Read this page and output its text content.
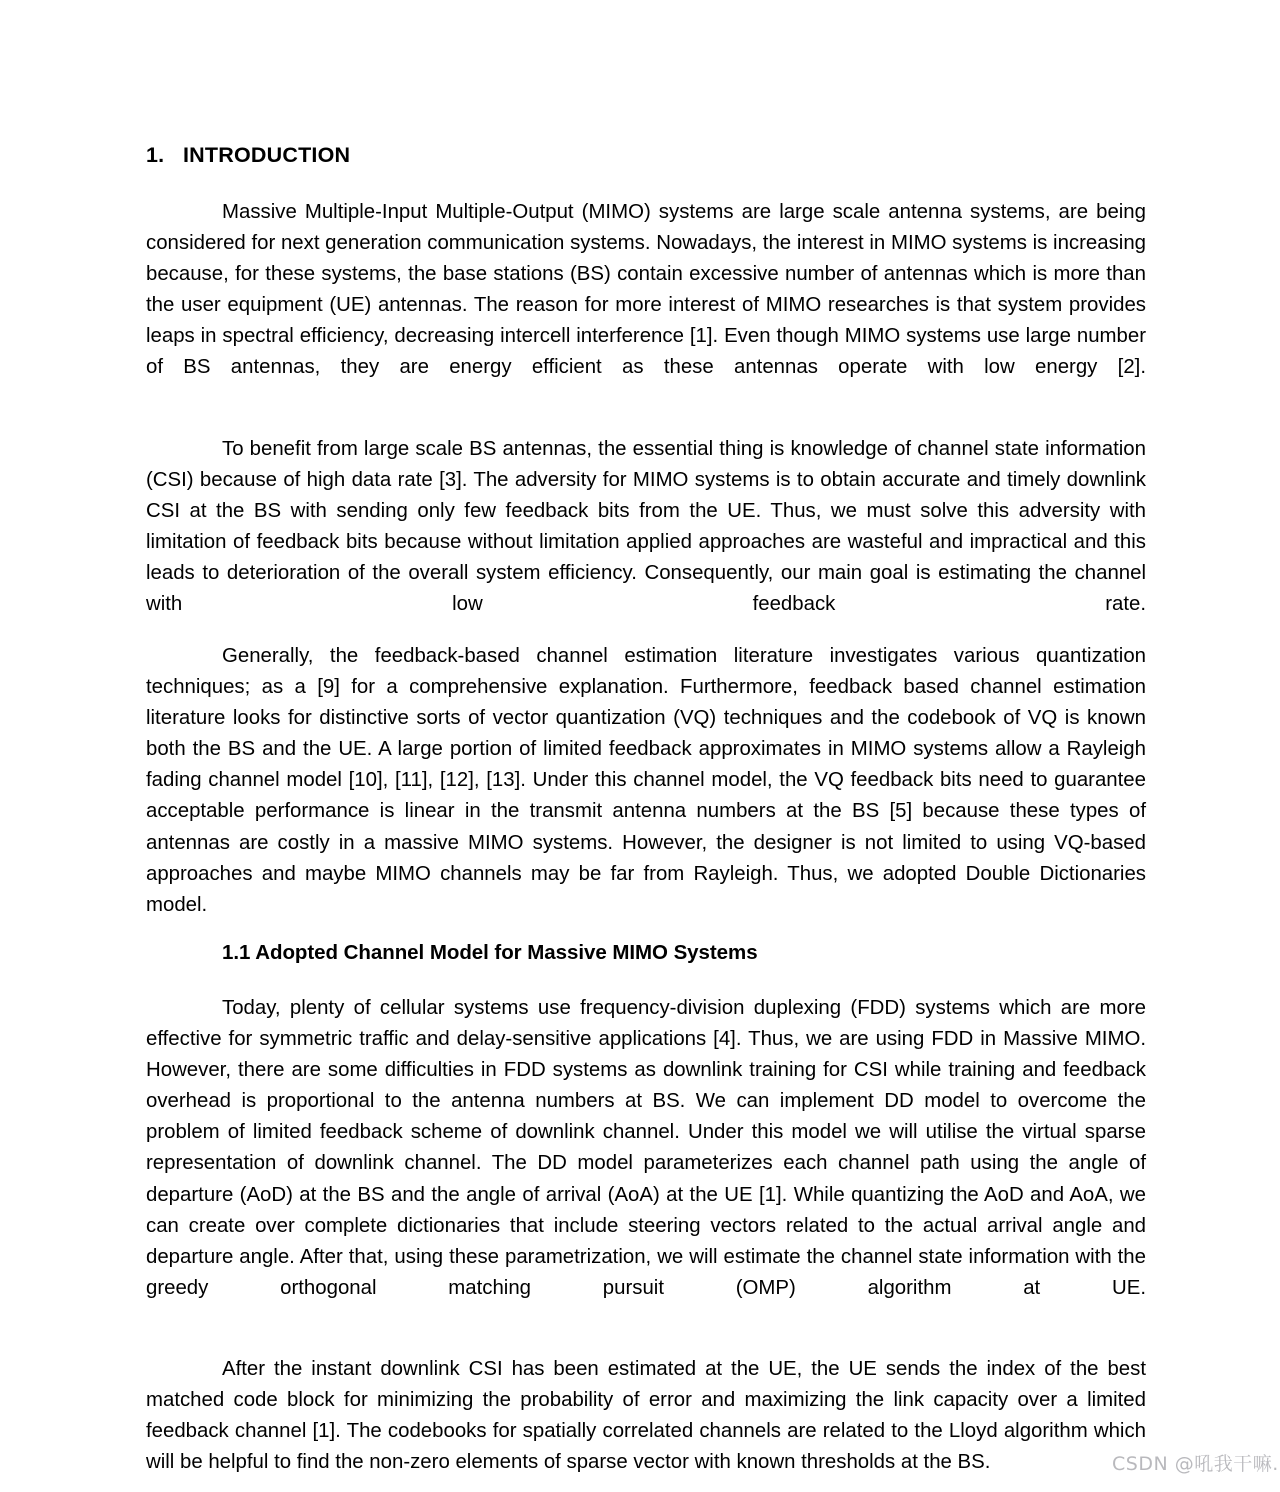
1. INTRODUCTION

Massive Multiple-Input Multiple-Output (MIMO) systems are large scale antenna systems, are being considered for next generation communication systems. Nowadays, the interest in MIMO systems is increasing because, for these systems, the base stations (BS) contain excessive number of antennas which is more than the user equipment (UE) antennas. The reason for more interest of MIMO researches is that system provides leaps in spectral efficiency, decreasing intercell interference [1]. Even though MIMO systems use large number of BS antennas, they are energy efficient as these antennas operate with low energy [2].

To benefit from large scale BS antennas, the essential thing is knowledge of channel state information (CSI) because of high data rate [3]. The adversity for MIMO systems is to obtain accurate and timely downlink CSI at the BS with sending only few feedback bits from the UE. Thus, we must solve this adversity with limitation of feedback bits because without limitation applied approaches are wasteful and impractical and this leads to deterioration of the overall system efficiency. Consequently, our main goal is estimating the channel with low feedback rate.

Generally, the feedback-based channel estimation literature investigates various quantization techniques; as a [9] for a comprehensive explanation. Furthermore, feedback based channel estimation literature looks for distinctive sorts of vector quantization (VQ) techniques and the codebook of VQ is known both the BS and the UE. A large portion of limited feedback approximates in MIMO systems allow a Rayleigh fading channel model [10], [11], [12], [13]. Under this channel model, the VQ feedback bits need to guarantee acceptable performance is linear in the transmit antenna numbers at the BS [5] because these types of antennas are costly in a massive MIMO systems. However, the designer is not limited to using VQ-based approaches and maybe MIMO channels may be far from Rayleigh. Thus, we adopted Double Dictionaries model.

1.1 Adopted Channel Model for Massive MIMO Systems

Today, plenty of cellular systems use frequency-division duplexing (FDD) systems which are more effective for symmetric traffic and delay-sensitive applications [4]. Thus, we are using FDD in Massive MIMO. However, there are some difficulties in FDD systems as downlink training for CSI while training and feedback overhead is proportional to the antenna numbers at BS. We can implement DD model to overcome the problem of limited feedback scheme of downlink channel. Under this model we will utilise the virtual sparse representation of downlink channel. The DD model parameterizes each channel path using the angle of departure (AoD) at the BS and the angle of arrival (AoA) at the UE [1]. While quantizing the AoD and AoA, we can create over complete dictionaries that include steering vectors related to the actual arrival angle and departure angle. After that, using these parametrization, we will estimate the channel state information with the greedy orthogonal matching pursuit (OMP) algorithm at UE.

After the instant downlink CSI has been estimated at the UE, the UE sends the index of the best matched code block for minimizing the probability of error and maximizing the link capacity over a limited feedback channel [1]. The codebooks for spatially correlated channels are related to the Lloyd algorithm which will be helpful to find the non-zero elements of sparse vector with known thresholds at the BS.	CSDN @吼我干嘛.
